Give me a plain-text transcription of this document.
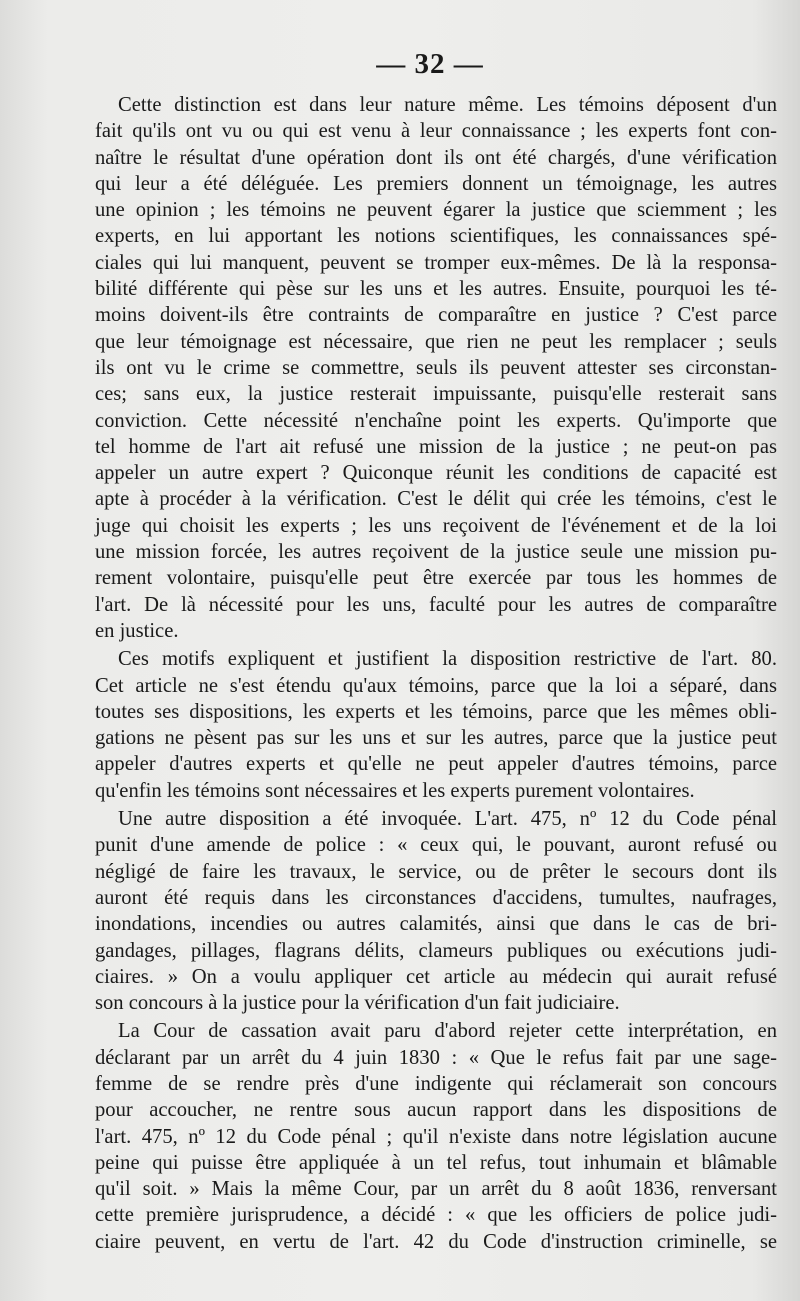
— 32 —
Cette distinction est dans leur nature même. Les témoins déposent d'un
fait qu'ils ont vu ou qui est venu à leur connaissance ; les experts font con-
naître le résultat d'une opération dont ils ont été chargés, d'une vérification
qui leur a été déléguée. Les premiers donnent un témoignage, les autres
une opinion ; les témoins ne peuvent égarer la justice que sciemment ; les
experts, en lui apportant les notions scientifiques, les connaissances spé-
ciales qui lui manquent, peuvent se tromper eux-mêmes. De là la responsa-
bilité différente qui pèse sur les uns et les autres. Ensuite, pourquoi les té-
moins doivent-ils être contraints de comparaître en justice ? C'est parce
que leur témoignage est nécessaire, que rien ne peut les remplacer ; seuls
ils ont vu le crime se commettre, seuls ils peuvent attester ses circonstan-
ces; sans eux, la justice resterait impuissante, puisqu'elle resterait sans
conviction. Cette nécessité n'enchaîne point les experts. Qu'importe que
tel homme de l'art ait refusé une mission de la justice ; ne peut-on pas
appeler un autre expert ? Quiconque réunit les conditions de capacité est
apte à procéder à la vérification. C'est le délit qui crée les témoins, c'est le
juge qui choisit les experts ; les uns reçoivent de l'événement et de la loi
une mission forcée, les autres reçoivent de la justice seule une mission pu-
rement volontaire, puisqu'elle peut être exercée par tous les hommes de
l'art. De là nécessité pour les uns, faculté pour les autres de comparaître
en justice.
Ces motifs expliquent et justifient la disposition restrictive de l'art. 80.
Cet article ne s'est étendu qu'aux témoins, parce que la loi a séparé, dans
toutes ses dispositions, les experts et les témoins, parce que les mêmes obli-
gations ne pèsent pas sur les uns et sur les autres, parce que la justice peut
appeler d'autres experts et qu'elle ne peut appeler d'autres témoins, parce
qu'enfin les témoins sont nécessaires et les experts purement volontaires.
Une autre disposition a été invoquée. L'art. 475, nº 12 du Code pénal
punit d'une amende de police : « ceux qui, le pouvant, auront refusé ou
négligé de faire les travaux, le service, ou de prêter le secours dont ils
auront été requis dans les circonstances d'accidens, tumultes, naufrages,
inondations, incendies ou autres calamités, ainsi que dans le cas de bri-
gandages, pillages, flagrans délits, clameurs publiques ou exécutions judi-
ciaires. » On a voulu appliquer cet article au médecin qui aurait refusé
son concours à la justice pour la vérification d'un fait judiciaire.
La Cour de cassation avait paru d'abord rejeter cette interprétation, en
déclarant par un arrêt du 4 juin 1830 : « Que le refus fait par une sage-
femme de se rendre près d'une indigente qui réclamerait son concours
pour accoucher, ne rentre sous aucun rapport dans les dispositions de
l'art. 475, nº 12 du Code pénal ; qu'il n'existe dans notre législation aucune
peine qui puisse être appliquée à un tel refus, tout inhumain et blâmable
qu'il soit. » Mais la même Cour, par un arrêt du 8 août 1836, renversant
cette première jurisprudence, a décidé : « que les officiers de police judi-
ciaire peuvent, en vertu de l'art. 42 du Code d'instruction criminelle, se
